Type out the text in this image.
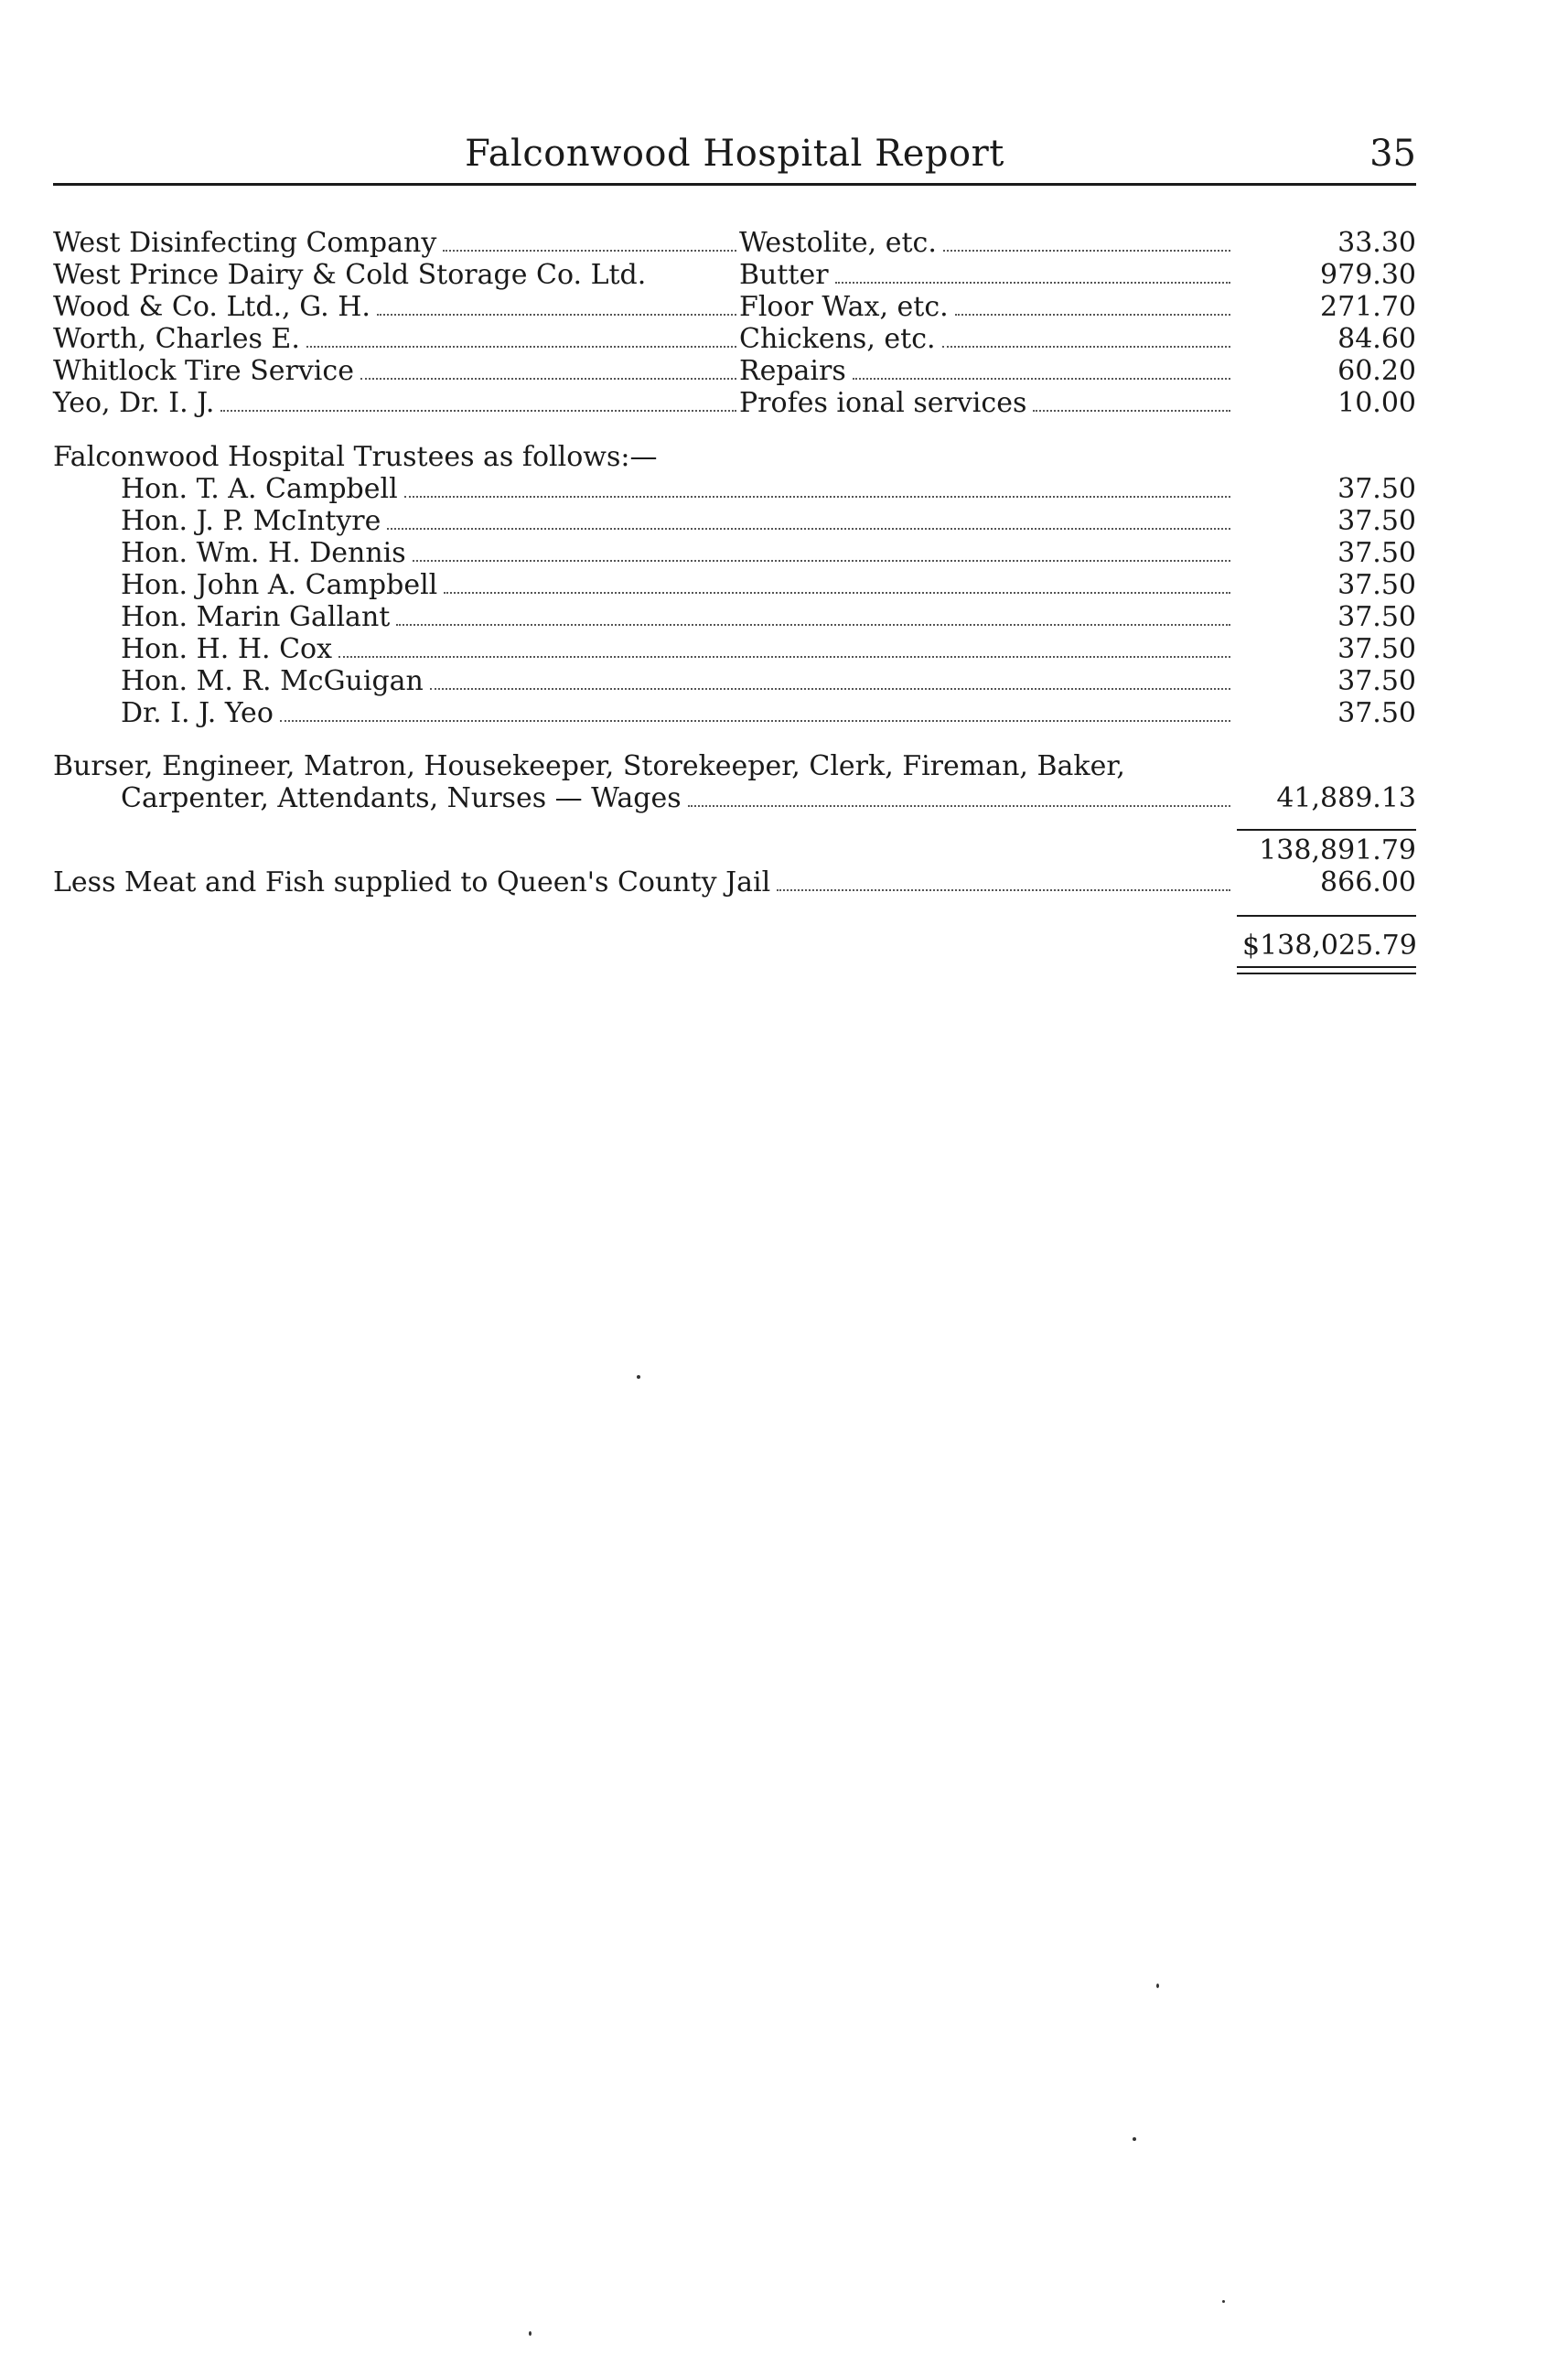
Falconwood Hospital Report	35
West Disinfecting Company	Westolite, etc.	33.30
West Prince Dairy & Cold Storage Co. Ltd.	Butter	979.30
Wood & Co. Ltd., G. H.	Floor Wax, etc.	271.70
Worth, Charles E.	Chickens, etc.	84.60
Whitlock Tire Service	Repairs	60.20
Yeo, Dr. I. J.	Profes ional services	10.00
Falconwood Hospital Trustees as follows:—
Hon. T. A. Campbell	37.50
Hon. J. P. McIntyre	37.50
Hon. Wm. H. Dennis	37.50
Hon. John A. Campbell	37.50
Hon. Marin Gallant	37.50
Hon. H. H. Cox	37.50
Hon. M. R. McGuigan	37.50
Dr. I. J. Yeo	37.50
Burser, Engineer, Matron, Housekeeper, Storekeeper, Clerk, Fireman, Baker,
Carpenter, Attendants, Nurses — Wages	41,889.13
138,891.79
Less Meat and Fish supplied to Queen's County Jail	866.00
$138,025.79
